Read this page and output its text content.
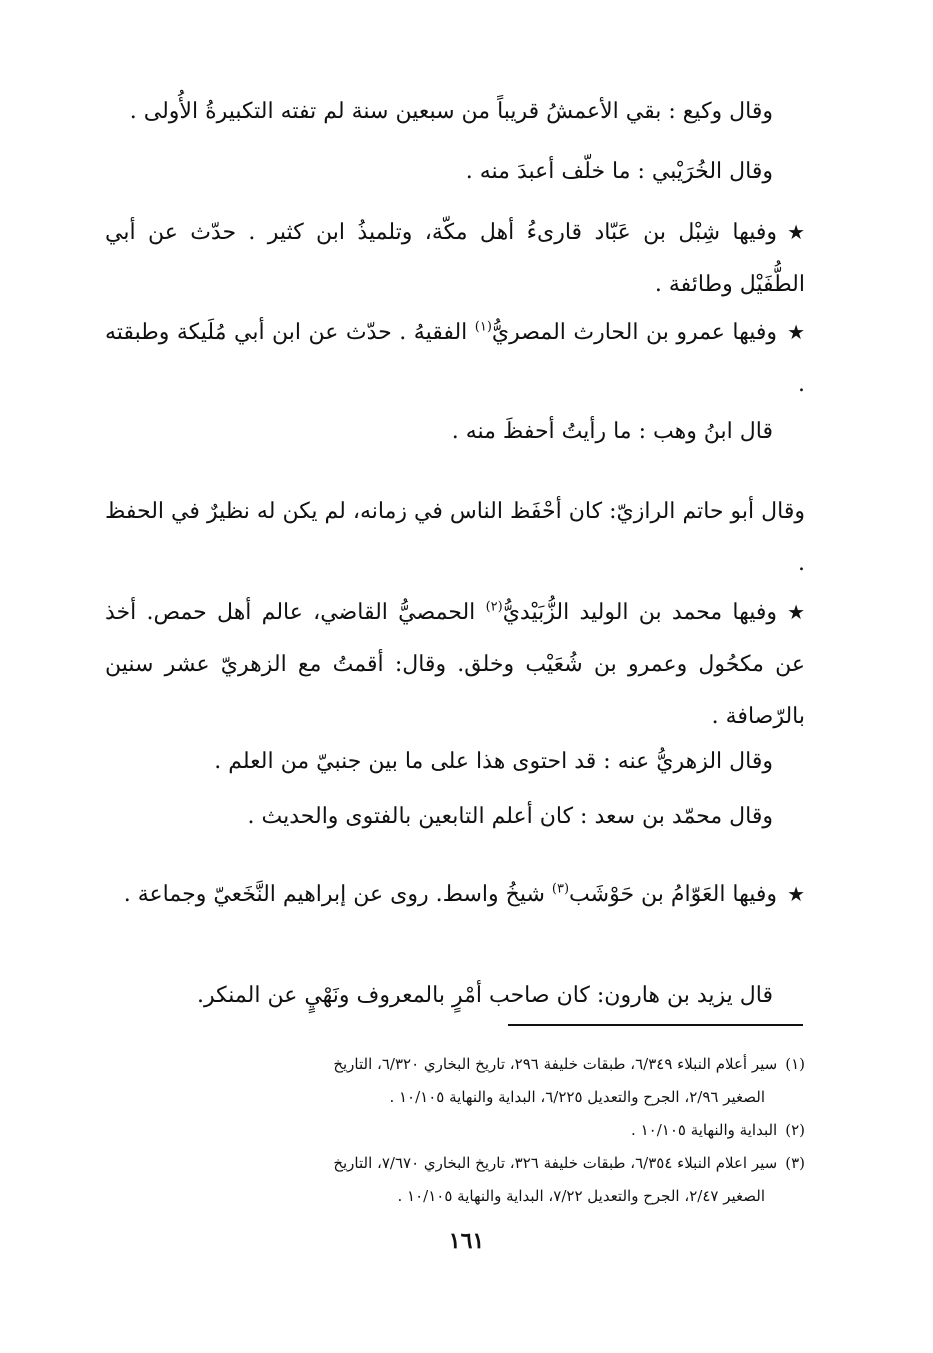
وقال وكيع : بقي الأعمشُ قريباً من سبعين سنة لم تفته التكبيرةُ الأُولى .
وقال الخُرَيْبي : ما خلّف أعبدَ منه .
★وفيها شِبْل بن عَبّاد قارىءُ أهل مكّة، وتلميذُ ابن كثير . حدّث عن أبي الطُّفَيْل وطائفة .
★وفيها عمرو بن الحارث المصريُّ$^{(١)}$ الفقيهُ . حدّث عن ابن أبي مُلَيكة وطبقته .
قال ابنُ وهب : ما رأيتُ أحفظَ منه .
وقال أبو حاتم الرازيّ: كان أحْفَظ الناس في زمانه، لم يكن له نظيرٌ في الحفظ .
★وفيها محمد بن الوليد الزُّبَيْديُّ$^{(٢)}$ الحمصيُّ القاضي، عالم أهل حمص. أخذ عن مكحُول وعمرو بن شُعَيْب وخلق. وقال: أقمتُ مع الزهريّ عشر سنين بالرّصافة .
وقال الزهريُّ عنه : قد احتوى هذا على ما بين جنبيّ من العلم .
وقال محمّد بن سعد : كان أعلم التابعين بالفتوى والحديث .
★وفيها العَوّامُ بن حَوْشَب$^{(٣)}$ شيخُ واسط. روى عن إبراهيم النَّخَعيّ وجماعة .
قال يزيد بن هارون: كان صاحب أمْرٍ بالمعروف ونَهْيٍ عن المنكر.
(١)سير أعلام النبلاء ٦/٣٤٩، طبقات خليفة ٢٩٦، تاريخ البخاري ٦/٣٢٠، التاريخ
الصغير ٢/٩٦، الجرح والتعديل ٦/٢٢٥، البداية والنهاية ١٠/١٠٥ .
(٢)البداية والنهاية ١٠/١٠٥ .
(٣)سير اعلام النبلاء ٦/٣٥٤، طبقات خليفة ٣٢٦، تاريخ البخاري ٧/٦٧٠، التاريخ
الصغير ٢/٤٧، الجرح والتعديل ٧/٢٢، البداية والنهاية ١٠/١٠٥ .
١٦١
